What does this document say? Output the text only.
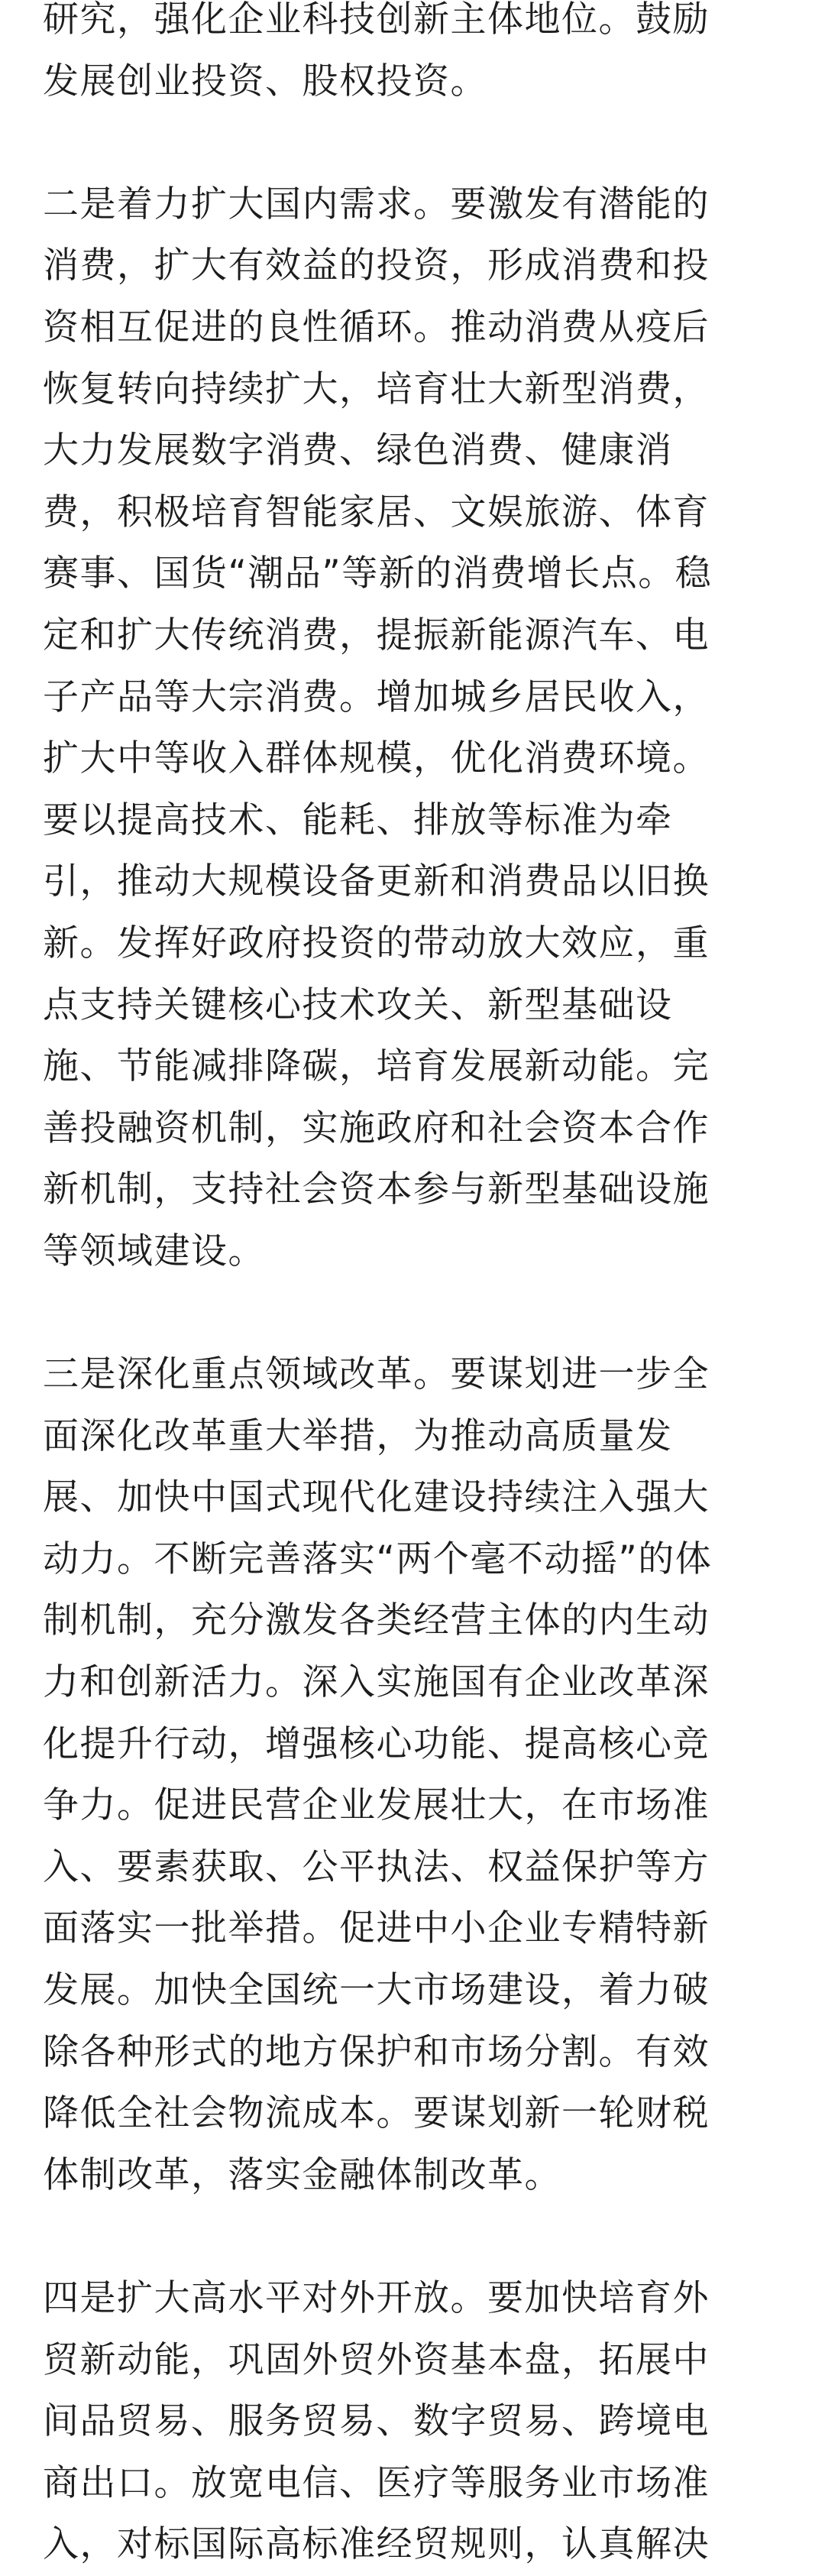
研究，强化企业科技创新主体地位。鼓励
发展创业投资、股权投资。
二是着力扩大国内需求。要激发有潜能的
消费，扩大有效益的投资，形成消费和投
资相互促进的良性循环。推动消费从疫后
恢复转向持续扩大，培育壮大新型消费，
大力发展数字消费、绿色消费、健康消
费，积极培育智能家居、文娱旅游、体育
赛事、国货“潮品”等新的消费增长点。稳
定和扩大传统消费，提振新能源汽车、电
子产品等大宗消费。增加城乡居民收入，
扩大中等收入群体规模，优化消费环境。
要以提高技术、能耗、排放等标准为牵
引，推动大规模设备更新和消费品以旧换
新。发挥好政府投资的带动放大效应，重
点支持关键核心技术攻关、新型基础设
施、节能减排降碳，培育发展新动能。完
善投融资机制，实施政府和社会资本合作
新机制，支持社会资本参与新型基础设施
等领域建设。
三是深化重点领域改革。要谋划进一步全
面深化改革重大举措，为推动高质量发
展、加快中国式现代化建设持续注入强大
动力。不断完善落实“两个毫不动摇”的体
制机制，充分激发各类经营主体的内生动
力和创新活力。深入实施国有企业改革深
化提升行动，增强核心功能、提高核心竞
争力。促进民营企业发展壮大，在市场准
入、要素获取、公平执法、权益保护等方
面落实一批举措。促进中小企业专精特新
发展。加快全国统一大市场建设，着力破
除各种形式的地方保护和市场分割。有效
降低全社会物流成本。要谋划新一轮财税
体制改革，落实金融体制改革。
四是扩大高水平对外开放。要加快培育外
贸新动能，巩固外贸外资基本盘，拓展中
间品贸易、服务贸易、数字贸易、跨境电
商出口。放宽电信、医疗等服务业市场准
入，对标国际高标准经贸规则，认真解决
